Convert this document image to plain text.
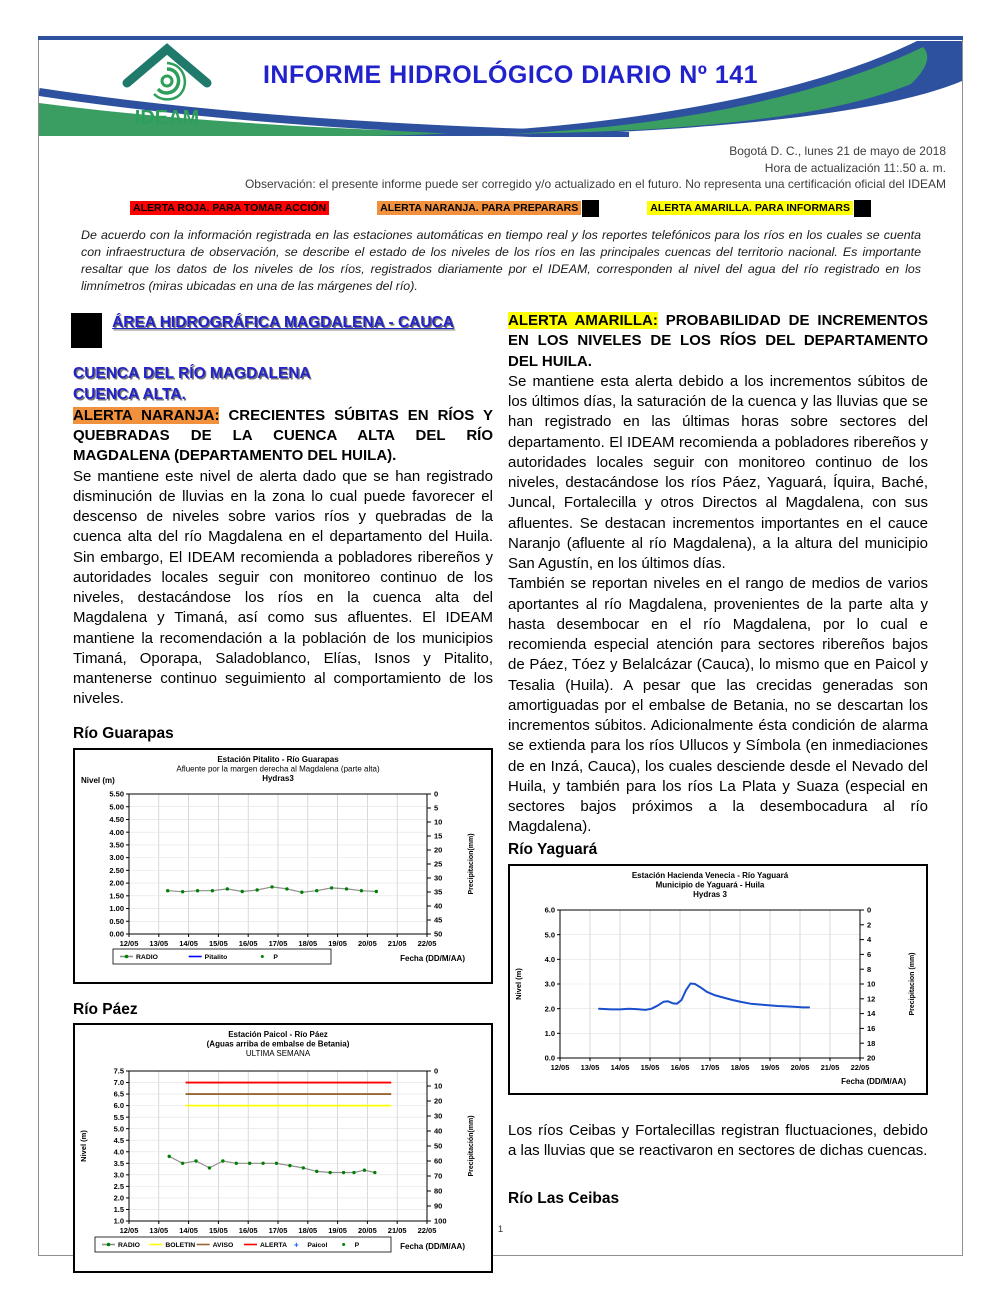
IDEAM
INFORME HIDROLÓGICO DIARIO Nº 141
Bogotá D. C., lunes 21 de mayo de 2018
Hora de actualización 11:.50 a. m.
Observación: el presente informe puede ser corregido y/o actualizado en el futuro. No representa una certificación oficial del IDEAM
ALERTA ROJA. PARA TOMAR ACCIÓN	ALERTA NARANJA. PARA PREPARARS	ALERTA AMARILLA. PARA INFORMARS

De acuerdo con la información registrada en las estaciones automáticas en tiempo real y los reportes telefónicos para los ríos en los cuales se cuenta con infraestructura de observación, se describe el estado de los niveles de los ríos en las principales cuencas del territorio nacional. Es importante resaltar que los datos de los niveles de los ríos, registrados diariamente por el IDEAM, corresponden al nivel del agua del río registrado en los limnímetros (miras ubicadas en una de las márgenes del río).

ÁREA HIDROGRÁFICA MAGDALENA - CAUCA
CUENCA DEL RÍO MAGDALENA
CUENCA ALTA.

ALERTA NARANJA: CRECIENTES SÚBITAS EN RÍOS Y QUEBRADAS DE LA CUENCA ALTA DEL RÍO MAGDALENA (DEPARTAMENTO DEL HUILA).

Se mantiene este nivel de alerta dado que se han registrado disminución de lluvias en la zona lo cual puede favorecer el descenso de niveles sobre varios ríos y quebradas de la cuenca alta del río Magdalena en el departamento del Huila. Sin embargo, El IDEAM recomienda a pobladores ribereños y autoridades locales seguir con monitoreo continuo de los niveles, destacándose los ríos en la cuenca alta del Magdalena y Timaná, así como sus afluentes. El IDEAM mantiene la recomendación a la población de los municipios Timaná, Oporapa, Saladoblanco, Elías, Isnos y Pitalito, mantenerse continuo seguimiento al comportamiento de los niveles.

Río Guarapas
Estación Pitalito - Río Guarapas
Afluente por la margen derecha al Magdalena (parte alta)
Hydras3
5.50
5.00
4.50
4.00
3.50
3.00
2.50
2.00
1.50
1.00
0.50
0.00
0
5
10
15
20
25
30
35
40
45
50
12/05 13/05 14/05 15/05 16/05 17/05 18/05 19/05 20/05 21/05 22/05
Nivel (m)
Precipitacion(mm)
RADIO	Pitalito	P	Fecha (DD/M/AA)
Río Páez
Estación Paicol - Río Páez
(Aguas arriba de embalse de Betania)
ULTIMA SEMANA
7.5
7.0
6.5
6.0
5.5
5.0
4.5
4.0
3.5
3.0
2.5
2.0
1.5
1.0
0
10
20
30
40
50
60
70
80
90
100
12/05 13/05 14/05 15/05 16/05 17/05 18/05 19/05 20/05 21/05 22/05
Nivel (m)	Precipitación(mm)
RADIO	BOLETIN	AVISO	ALERTA + Paicol	P	Fecha (DD/M/AA)

ALERTA AMARILLA: PROBABILIDAD DE INCREMENTOS EN LOS NIVELES DE LOS RÍOS DEL DEPARTAMENTO DEL HUILA.

Se mantiene esta alerta debido a los incrementos súbitos de los últimos días, la saturación de la cuenca y las lluvias que se han registrado en las últimas horas sobre sectores del departamento. El IDEAM recomienda a pobladores ribereños y autoridades locales seguir con monitoreo continuo de los niveles, destacándose los ríos Páez, Yaguará, Íquira, Baché, Juncal, Fortalecilla y otros Directos al Magdalena, con sus afluentes. Se destacan incrementos importantes en el cauce Naranjo (afluente al río Magdalena), a la altura del municipio San Agustín, en los últimos días.

También se reportan niveles en el rango de medios de varios aportantes al río Magdalena, provenientes de la parte alta y hasta desembocar en el río Magdalena, por lo cual e recomienda especial atención para sectores ribereños bajos de Páez, Tóez y Belalcázar (Cauca), lo mismo que en Paicol y Tesalia (Huila). A pesar que las crecidas generadas son amortiguadas por el embalse de Betania, no se descartan los incrementos súbitos. Adicionalmente ésta condición de alarma se extienda para los ríos Ullucos y Símbola (en inmediaciones de en Inzá, Cauca), los cuales desciende desde el Nevado del Huila, y también para los ríos La Plata y Suaza (especial en sectores bajos próximos a la desembocadura al río Magdalena).

Río Yaguará
Estación Hacienda Venecia - Río Yaguará
Municipio de Yaguará - Huila
Hydras 3
6.0
5.0
4.0
3.0
2.0
1.0
0.0
0
2
4
6
8
10
12
14
16
18
20
12/05 13/05 14/05 15/05 16/05 17/05 18/05 19/05 20/05 21/05 22/05
Nivel (m)	Precipitacion (mm)
Fecha (DD/M/AA)

Los ríos Ceibas y Fortalecillas registran fluctuaciones, debido a las lluvias que se reactivaron en sectores de dichas cuencas.

Río Las Ceibas
1
